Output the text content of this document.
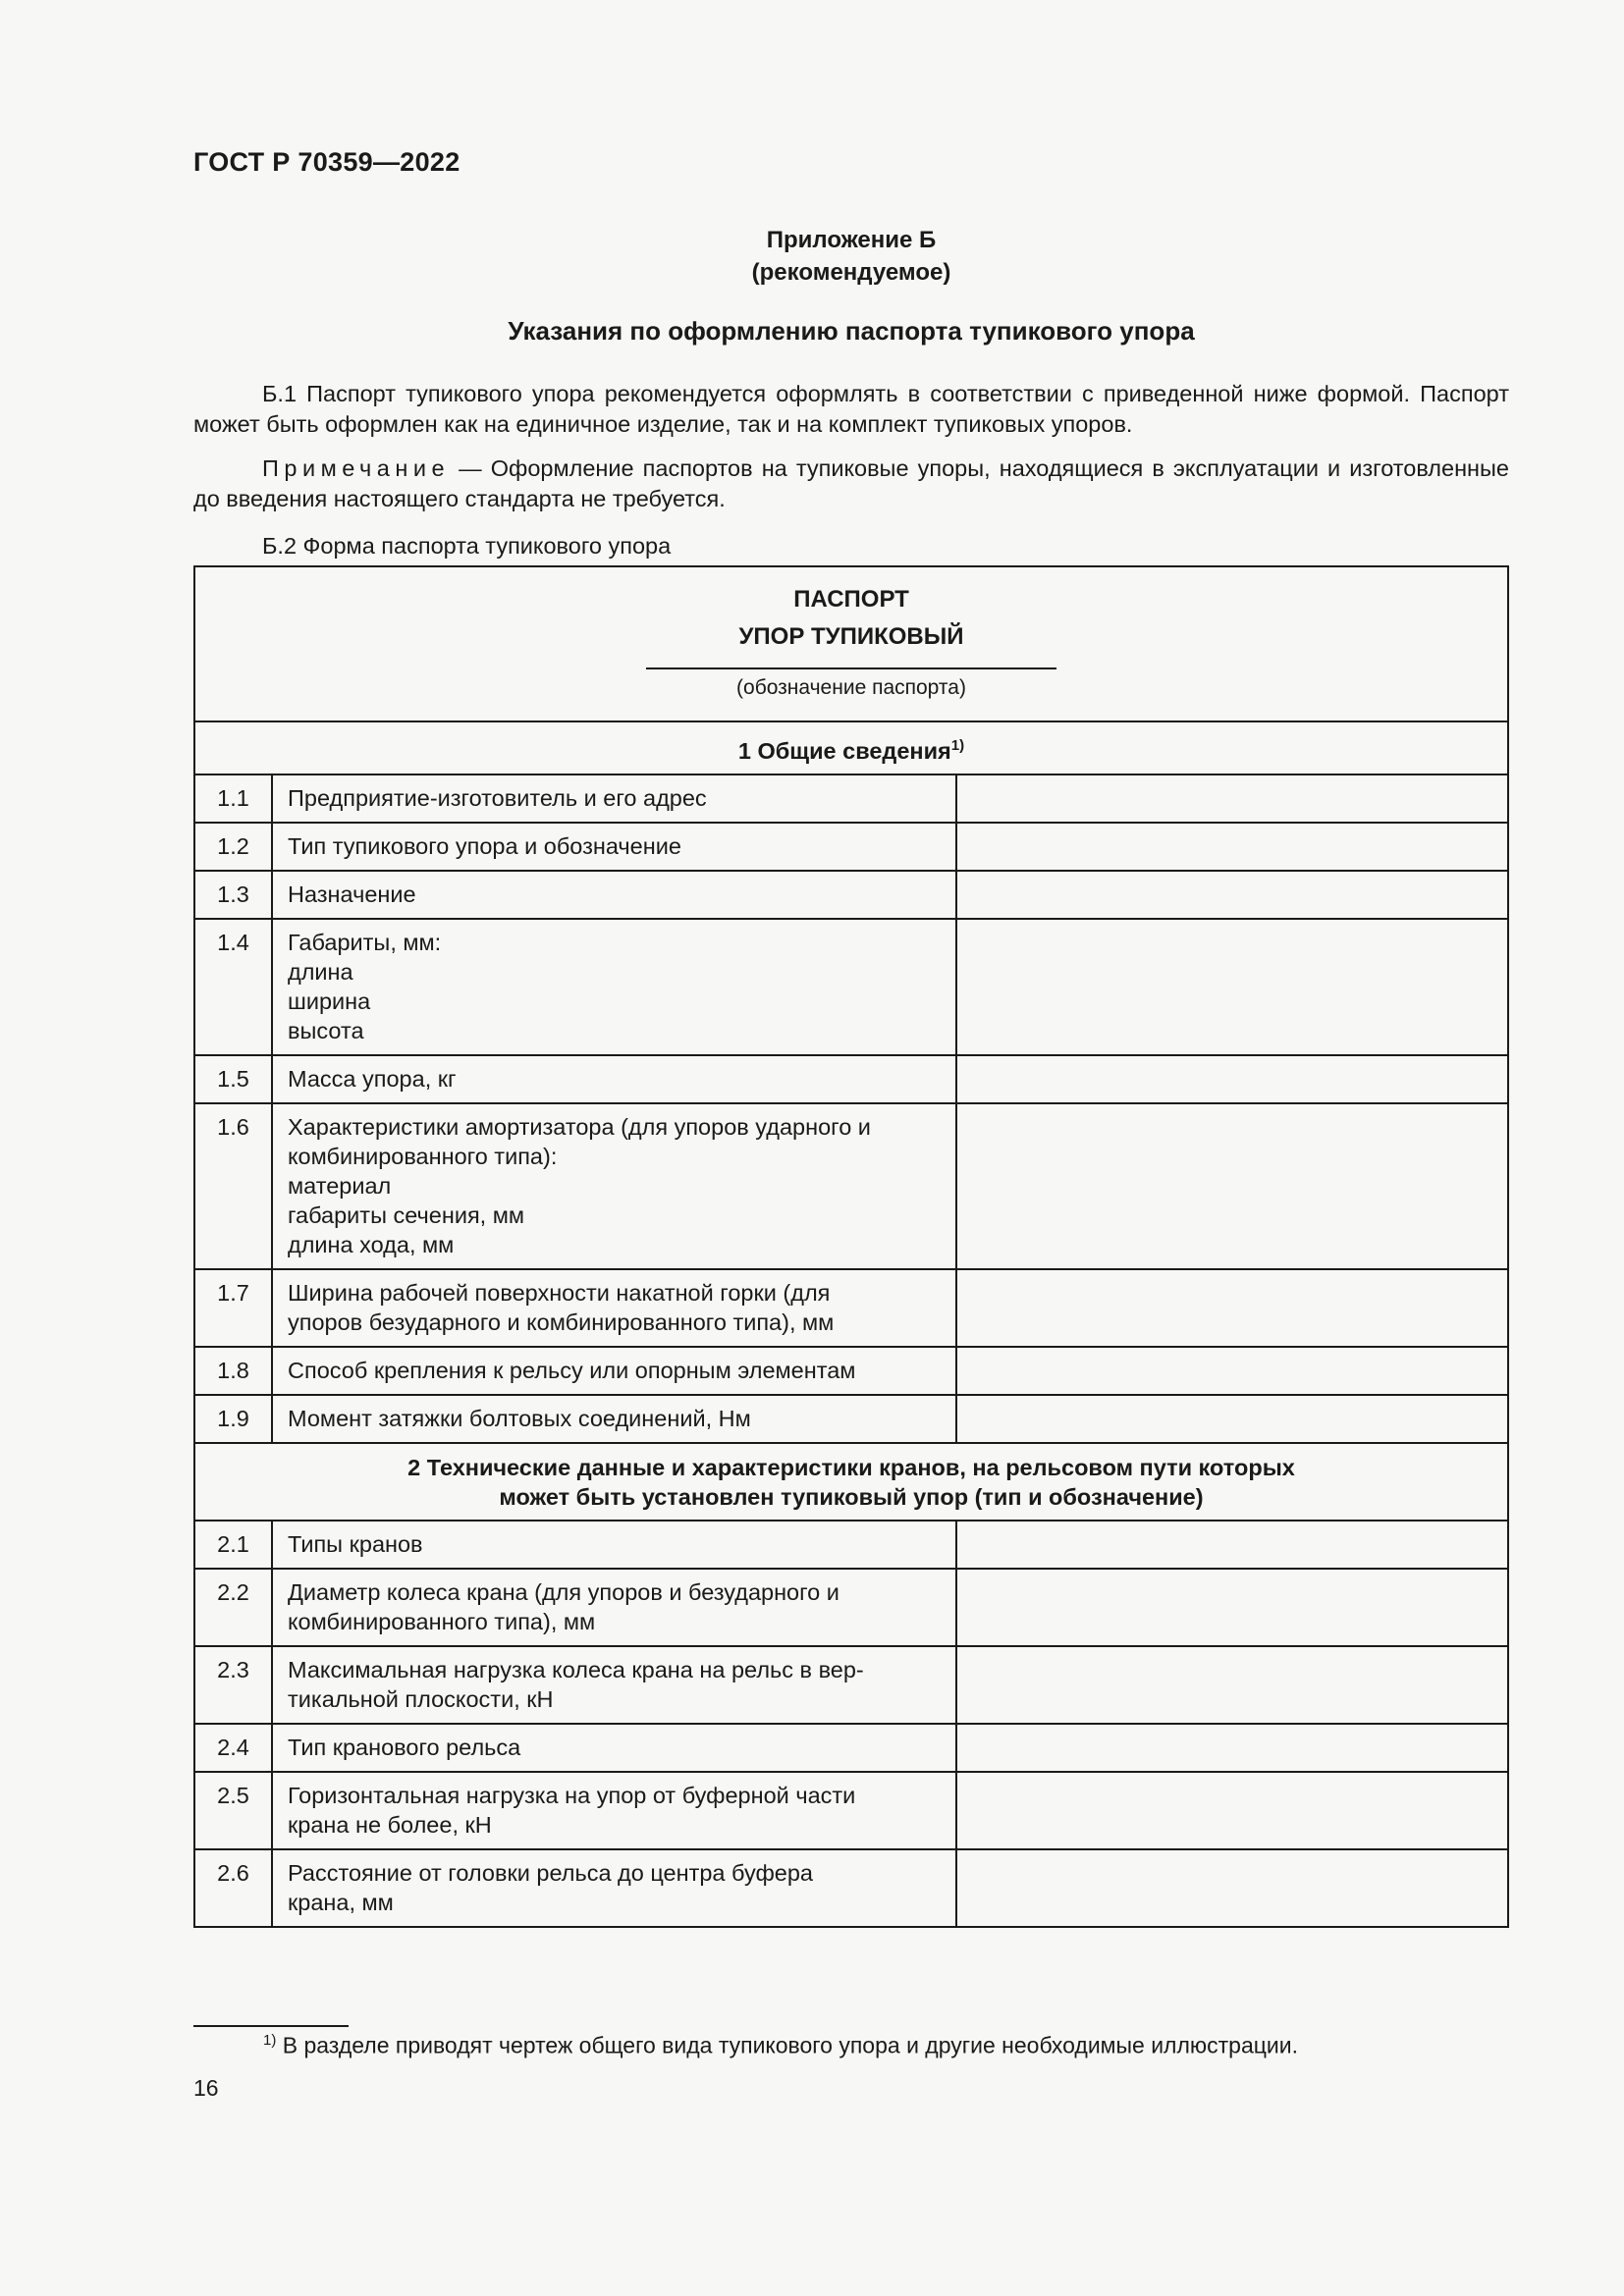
ГОСТ Р 70359—2022
Приложение Б
(рекомендуемое)
Указания по оформлению паспорта тупикового упора
Б.1 Паспорт тупикового упора рекомендуется оформлять в соответствии с приведенной ниже формой. Паспорт может быть оформлен как на единичное изделие, так и на комплект тупиковых упоров.
Примечание — Оформление паспортов на тупиковые упоры, находящиеся в эксплуатации и изготовленные до введения настоящего стандарта не требуется.
Б.2 Форма паспорта тупикового упора
ПАСПОРТ
УПОР ТУПИКОВЫЙ
(обозначение паспорта)		

1 Общие сведения$^{1)}$
1.1	Предприятие-изготовитель и его адрес	

1.2	Тип тупикового упора и обозначение	

1.3	Назначение	

1.4	Габариты, мм:
длина
ширина
высота	

1.5	Масса упора, кг	

1.6	Характеристики амортизатора (для упоров ударного и
комбинированного типа):
материал
габариты сечения, мм
длина хода, мм	

1.7	Ширина рабочей поверхности накатной горки (для
упоров безударного и комбинированного типа), мм	

1.8	Способ крепления к рельсу или опорным элементам	

1.9	Момент затяжки болтовых соединений, Нм	

2 Технические данные и характеристики кранов, на рельсовом пути которых
может быть установлен тупиковый упор (тип и обозначение)		

2.1	Типы кранов	

2.2	Диаметр колеса крана (для упоров и безударного и
комбинированного типа), мм	

2.3	Максимальная нагрузка колеса крана на рельс в вер-
тикальной плоскости, кН	

2.4	Тип кранового рельса	

2.5	Горизонтальная нагрузка на упор от буферной части
крана не более, кН	

2.6	Расстояние от головки рельса до центра буфера
крана, мм	

$^{1)}$ В разделе приводят чертеж общего вида тупикового упора и другие необходимые иллюстрации.
16
